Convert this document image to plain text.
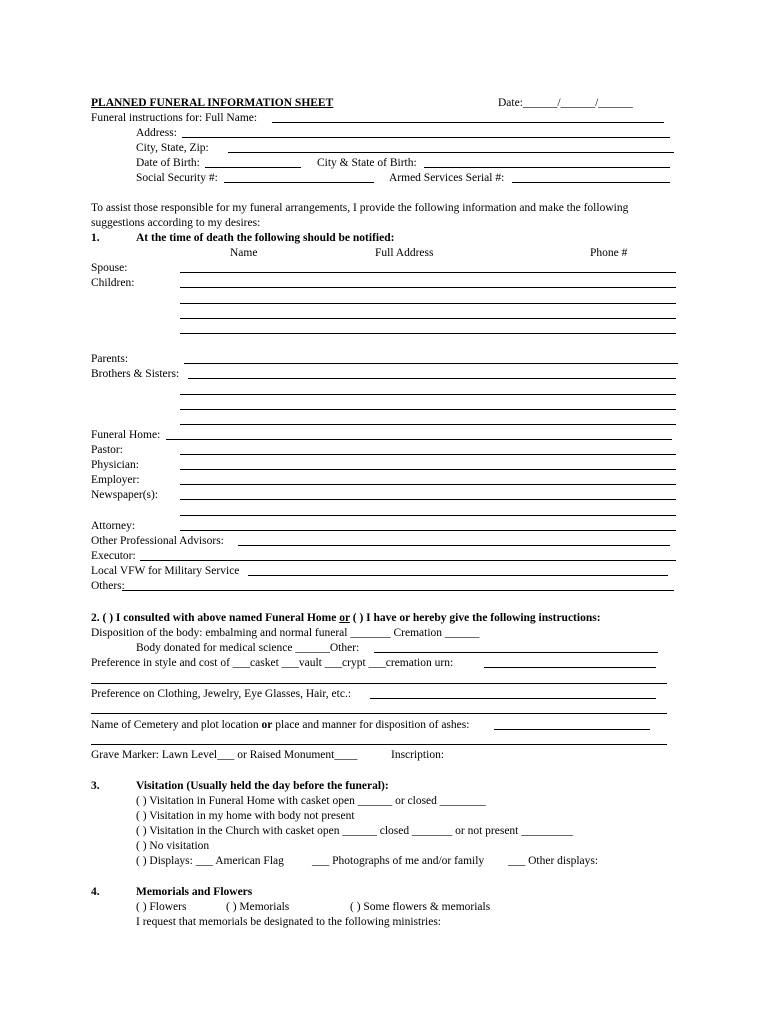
PLANNED FUNERAL INFORMATION SHEET	Date:______/______/______
Funeral instructions for: Full Name:
Address:
City, State, Zip:
Date of Birth:	City & State of Birth:
Social Security #:	Armed Services Serial #:
To assist those responsible for my funeral arrangements, I provide the following information and make the following
suggestions according to my desires:
1.	At the time of death the following should be notified:
Name	Full Address	Phone #
Spouse:
Children:
Parents:
Brothers & Sisters:
Funeral Home:
Pastor:
Physician:
Employer:
Newspaper(s):
Attorney:
Other Professional Advisors:
Executor:
Local VFW for Military Service
Others:
2. ( ) I consulted with above named Funeral Home or ( ) I have or hereby give the following instructions:
Disposition of the body: embalming and normal funeral _______ Cremation ______
Body donated for medical science ______Other:
Preference in style and cost of ___casket ___vault ___crypt ___cremation urn:
Preference on Clothing, Jewelry, Eye Glasses, Hair, etc.:
Name of Cemetery and plot location or place and manner for disposition of ashes:
Grave Marker: Lawn Level___ or Raised Monument____	Inscription:
3.	Visitation (Usually held the day before the funeral):
( ) Visitation in Funeral Home with casket open ______ or closed ________
( ) Visitation in my home with body not present
( ) Visitation in the Church with casket open ______ closed _______ or not present _________
( ) No visitation
( ) Displays: ___ American Flag ___ Photographs of me and/or family ___ Other displays:
4.	Memorials and Flowers
( ) Flowers	( ) Memorials	( ) Some flowers & memorials
I request that memorials be designated to the following ministries:
